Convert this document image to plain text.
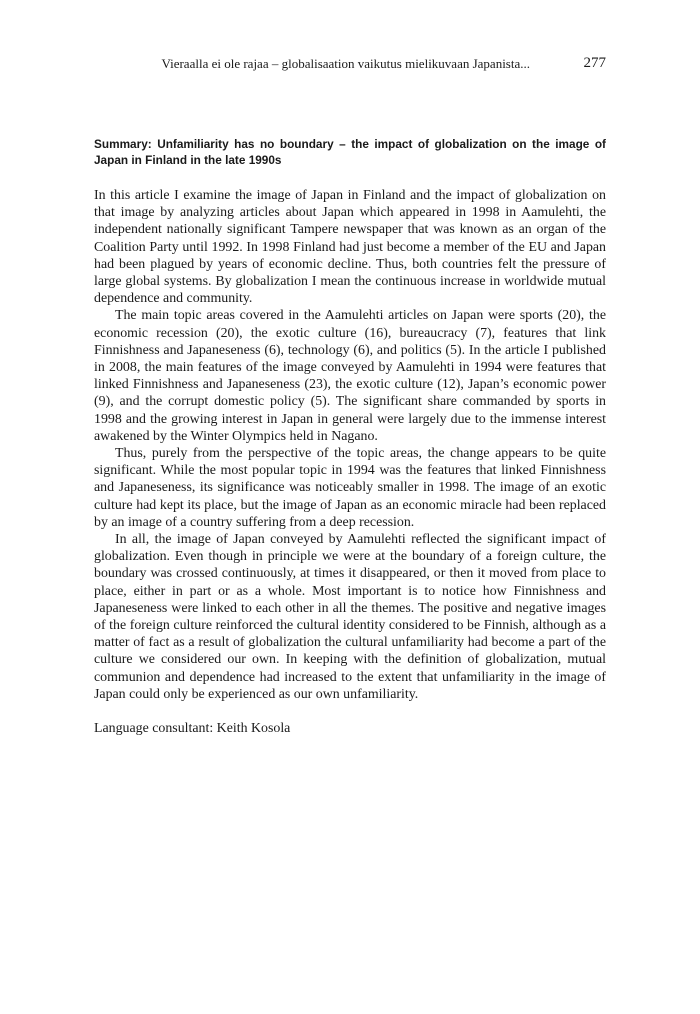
Vieraalla ei ole rajaa – globalisaation vaikutus mielikuvaan Japanista...	277
Summary: Unfamiliarity has no boundary – the impact of globalization on the image of Japan in Finland in the late 1990s

In this article I examine the image of Japan in Finland and the impact of globalization on that image by analyzing articles about Japan which appeared in 1998 in Aamulehti, the independent nationally significant Tampere newspaper that was known as an organ of the Coalition Party until 1992. In 1998 Finland had just become a member of the EU and Japan had been plagued by years of economic decline. Thus, both countries felt the pressure of large global systems. By globalization I mean the continuous increase in worldwide mutual dependence and community.

The main topic areas covered in the Aamulehti articles on Japan were sports (20), the economic recession (20), the exotic culture (16), bureaucracy (7), features that link Finnishness and Japaneseness (6), technology (6), and politics (5). In the article I published in 2008, the main features of the image conveyed by Aamulehti in 1994 were features that linked Finnishness and Japaneseness (23), the exotic culture (12), Japan’s economic power (9), and the corrupt domestic policy (5). The significant share commanded by sports in 1998 and the growing interest in Japan in general were largely due to the immense interest awakened by the Winter Olympics held in Nagano.

Thus, purely from the perspective of the topic areas, the change appears to be quite significant. While the most popular topic in 1994 was the features that linked Finnishness and Japaneseness, its significance was noticeably smaller in 1998. The image of an exotic culture had kept its place, but the image of Japan as an economic miracle had been replaced by an image of a country suffering from a deep recession.

In all, the image of Japan conveyed by Aamulehti reflected the significant impact of globalization. Even though in principle we were at the boundary of a foreign culture, the boundary was crossed continuously, at times it disappeared, or then it moved from place to place, either in part or as a whole. Most important is to notice how Finnishness and Japaneseness were linked to each other in all the themes. The positive and negative images of the foreign culture reinforced the cultural identity considered to be Finnish, although as a matter of fact as a result of globalization the cultural unfamiliarity had become a part of the culture we considered our own. In keeping with the definition of globalization, mutual communion and dependence had increased to the extent that unfamiliarity in the image of Japan could only be experienced as our own unfamiliarity.

Language consultant: Keith Kosola
